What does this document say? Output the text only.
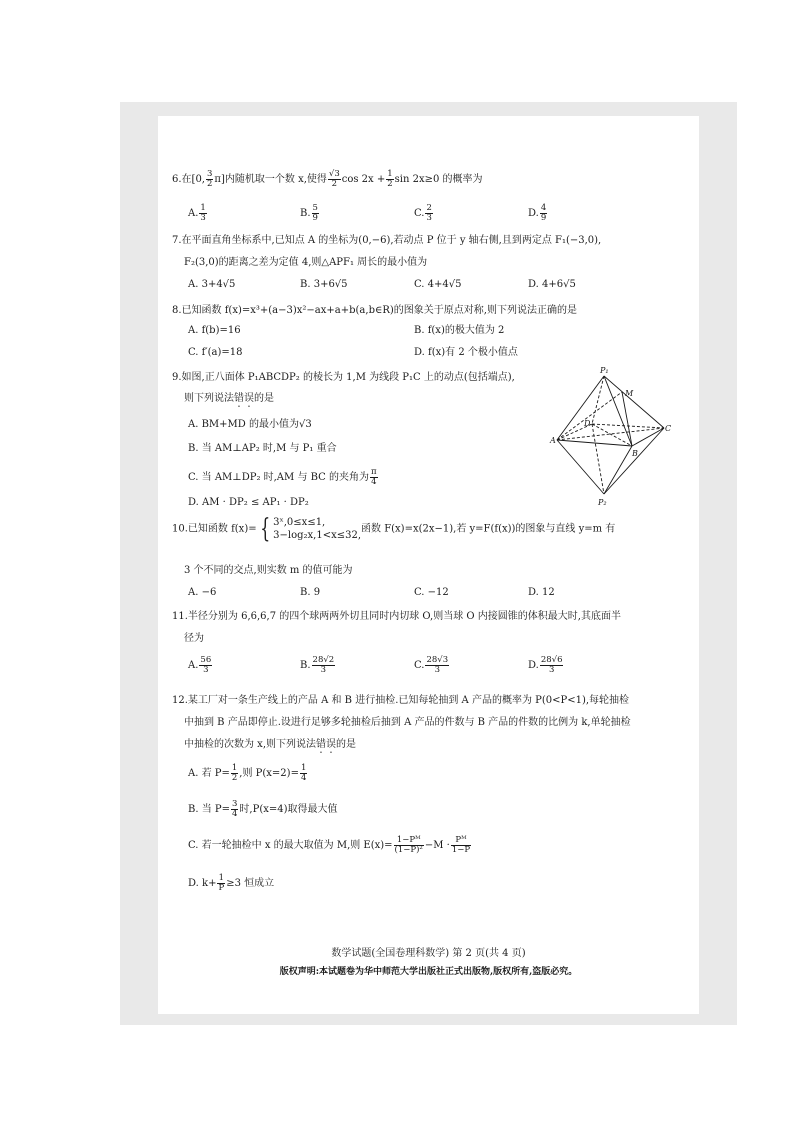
6.在[0, $\frac{3}{2} \pi$]内随机取一个数 x,使得 $\frac{√3}{2}$ $\cos 2x + \frac{1}{2}$ sin 2x≥0 的概率为
A. $\frac{1}{3}$	B. $\frac{5}{9}$	C. $\frac{2}{3}$	D. $\frac{4}{9}$
7.在平面直角坐标系中,已知点 A 的坐标为(0,−6),若动点 P 位于 y 轴右侧,且到两定点 F₁(−3,0),
F₂(3,0)的距离之差为定值 4,则△APF₁ 周长的最小值为
A. 3+4√5	B. 3+6√5	C. 4+4√5	D. 4+6√5
8.已知函数 f(x)=x³+(a−3)x²−ax+a+b(a,b∈R)的图象关于原点对称,则下列说法正确的是
A. f(b)=16	B. f(x)的极大值为 2
C. f′(a)=18	D. f(x)有 2 个极小值点
9.如图,正八面体 P₁ABCDP₂ 的棱长为 1,M 为线段 P₁C 上的动点(包括端点),
则下列说法错误的是
A. BM+MD 的最小值为√3
B. 当 AM⊥AP₂ 时,M 与 P₁ 重合
C. 当 AM⊥DP₂ 时,AM 与 BC 的夹角为 $\frac{\pi}{4}$
D. AM · DP₂ ≤ AP₁ · DP₂
P₁
P₂
A
B
C
D
M
10.已知函数 f(x)= { 3ˣ,0≤x≤1,
3−log₂x,1<x≤32,
函数 F(x)=x(2x−1),若 y=F(f(x))的图象与直线 y=m 有
3 个不同的交点,则实数 m 的值可能为
A. −6	B. 9	C. −12	D. 12
11.半径分别为 6,6,6,7 的四个球两两外切且同时内切球 O,则当球 O 内接圆锥的体积最大时,其底面半
径为
A. $\frac{56}{3}$	B. $\frac{28√2}{3}$	C. $\frac{28√3}{3}$	D. $\frac{28√6}{3}$
12.某工厂对一条生产线上的产品 A 和 B 进行抽检.已知每轮抽到 A 产品的概率为 P(0<P<1),每轮抽检
中抽到 B 产品即停止.设进行足够多轮抽检后抽到 A 产品的件数与 B 产品的件数的比例为 k,单轮抽检
中抽检的次数为 x,则下列说法错误的是
A. 若 $P= \frac{1}{2}$ ,则 $P(x=2)= \frac{1}{4}$
B. 当 $P= \frac{3}{4}$ 时,P(x=4)取得最大值
C. 若一轮抽检中 x 的最大取值为 M,则 $E(x)= \frac{\text{1−Pᴹ}}{\text{(1−P)²}} -M \cdot \frac{\text{Pᴹ}}{1-P}$
D. $k+ \frac{1}{P} \ge 3$ 恒成立
数学试题(全国卷理科数学) 第 2 页(共 4 页)
版权声明:本试题卷为华中师范大学出版社正式出版物,版权所有,盗版必究。
